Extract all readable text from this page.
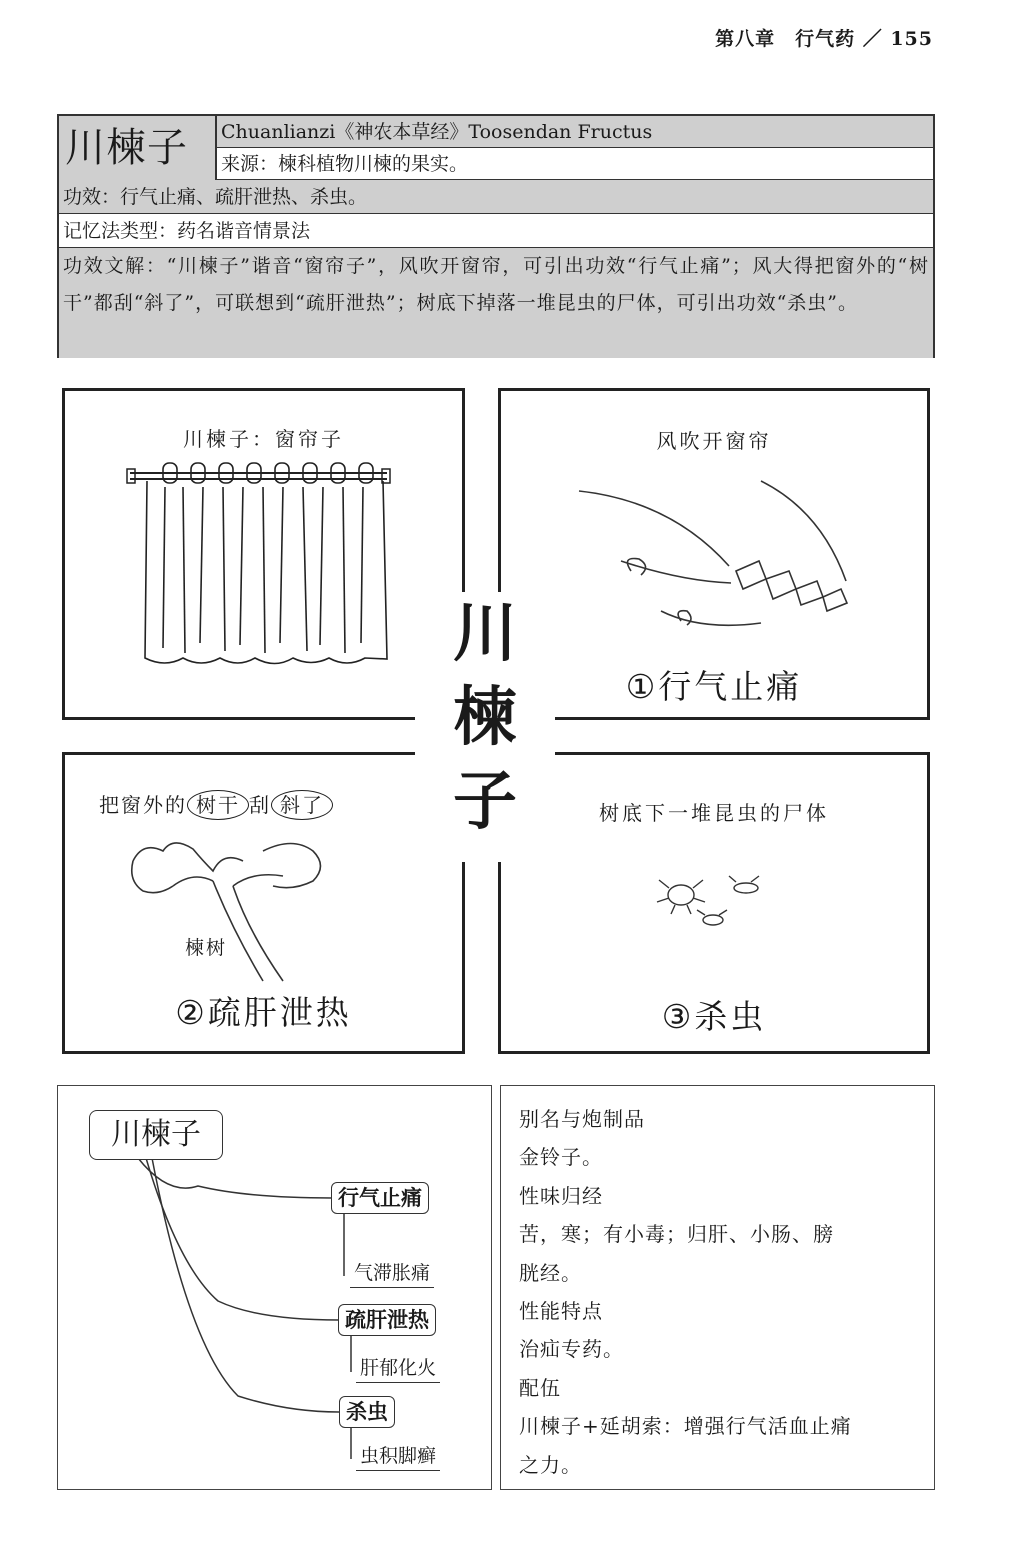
第八章　行气药 ／ 155
川楝子	Chuanlianzi《神农本草经》Toosendan Fructus
来源：楝科植物川楝的果实。
功效：行气止痛、疏肝泄热、杀虫。
记忆法类型：药名谐音情景法
功效文解：“川楝子”谐音“窗帘子”，风吹开窗帘，可引出功效“行气止痛”；风大得把窗外的“树干”都刮“斜了”，可联想到“疏肝泄热”；树底下掉落一堆昆虫的尸体，可引出功效“杀虫”。
川楝子：窗帘子	风吹开窗帘
①行气止痛
把窗外的 树干 刮 斜了
楝树
②疏肝泄热
树底下一堆昆虫的尸体
③杀虫
川
楝
子
川楝子
行气止痛
气滞胀痛
疏肝泄热
肝郁化火
杀虫
虫积脚癣
别名与炮制品
金铃子。
性味归经
苦，寒；有小毒；归肝、小肠、膀
胱经。
性能特点
治疝专药。
配伍
川楝子+延胡索：增强行气活血止痛
之力。
